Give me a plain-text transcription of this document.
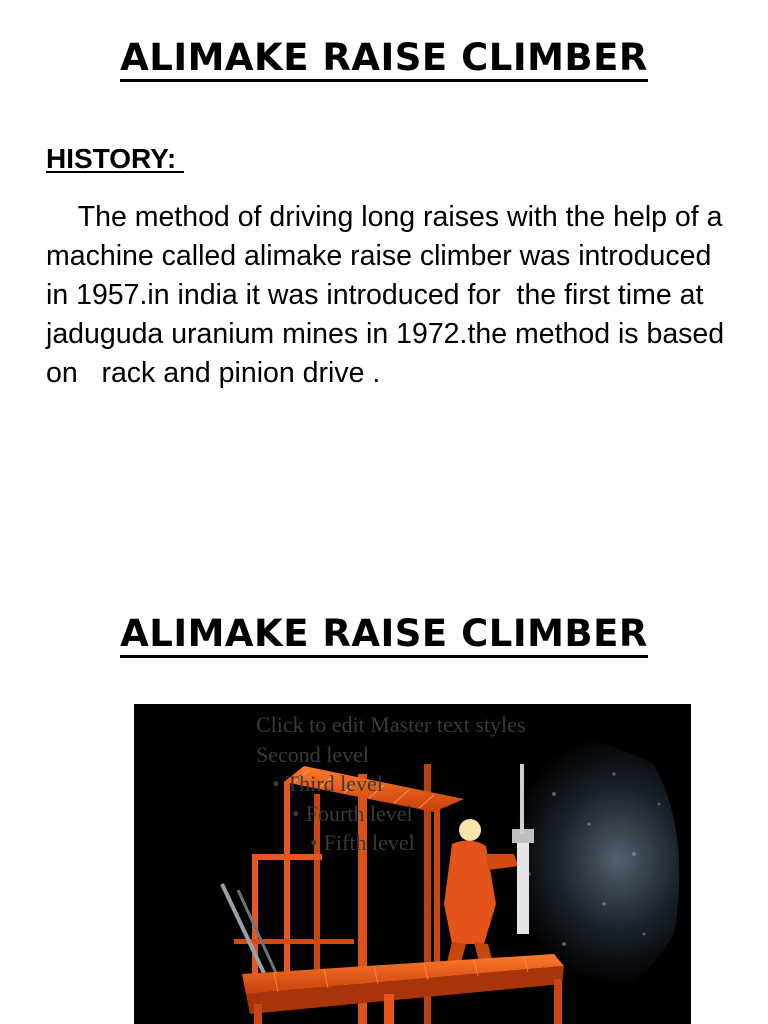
ALIMAKE RAISE CLIMBER
HISTORY:

The method of driving long raises with the help of a machine called alimake raise climber was introduced in 1957.in india it was introduced for  the first time at jaduguda uranium mines in 1972.the method is based on   rack and pinion drive .

ALIMAKE RAISE CLIMBER
Click to edit Master text styles
Second level
• Third level
• Fourth level
• Fifth level
